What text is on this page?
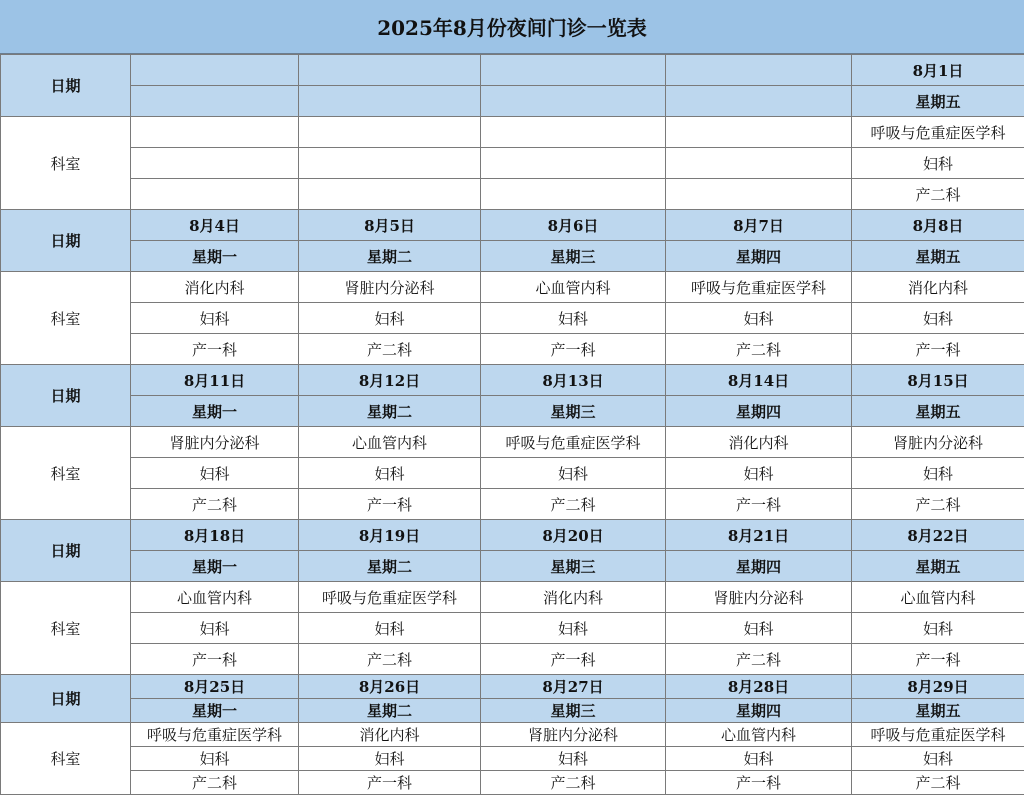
2025年8月份夜间门诊一览表
日期					8月1日
					星期五
科室					呼吸与危重症医学科
					妇科
					产二科
日期	8月4日	8月5日	8月6日	8月7日	8月8日
	星期一	星期二	星期三	星期四	星期五
科室	消化内科	肾脏内分泌科	心血管内科	呼吸与危重症医学科	消化内科
	妇科	妇科	妇科	妇科	妇科
	产一科	产二科	产一科	产二科	产一科
日期	8月11日	8月12日	8月13日	8月14日	8月15日
	星期一	星期二	星期三	星期四	星期五
科室	肾脏内分泌科	心血管内科	呼吸与危重症医学科	消化内科	肾脏内分泌科
	妇科	妇科	妇科	妇科	妇科
	产二科	产一科	产二科	产一科	产二科
日期	8月18日	8月19日	8月20日	8月21日	8月22日
	星期一	星期二	星期三	星期四	星期五
科室	心血管内科	呼吸与危重症医学科	消化内科	肾脏内分泌科	心血管内科
	妇科	妇科	妇科	妇科	妇科
	产一科	产二科	产一科	产二科	产一科
日期	8月25日	8月26日	8月27日	8月28日	8月29日
	星期一	星期二	星期三	星期四	星期五
科室	呼吸与危重症医学科	消化内科	肾脏内分泌科	心血管内科	呼吸与危重症医学科
	妇科	妇科	妇科	妇科	妇科
	产二科	产一科	产二科	产一科	产二科
